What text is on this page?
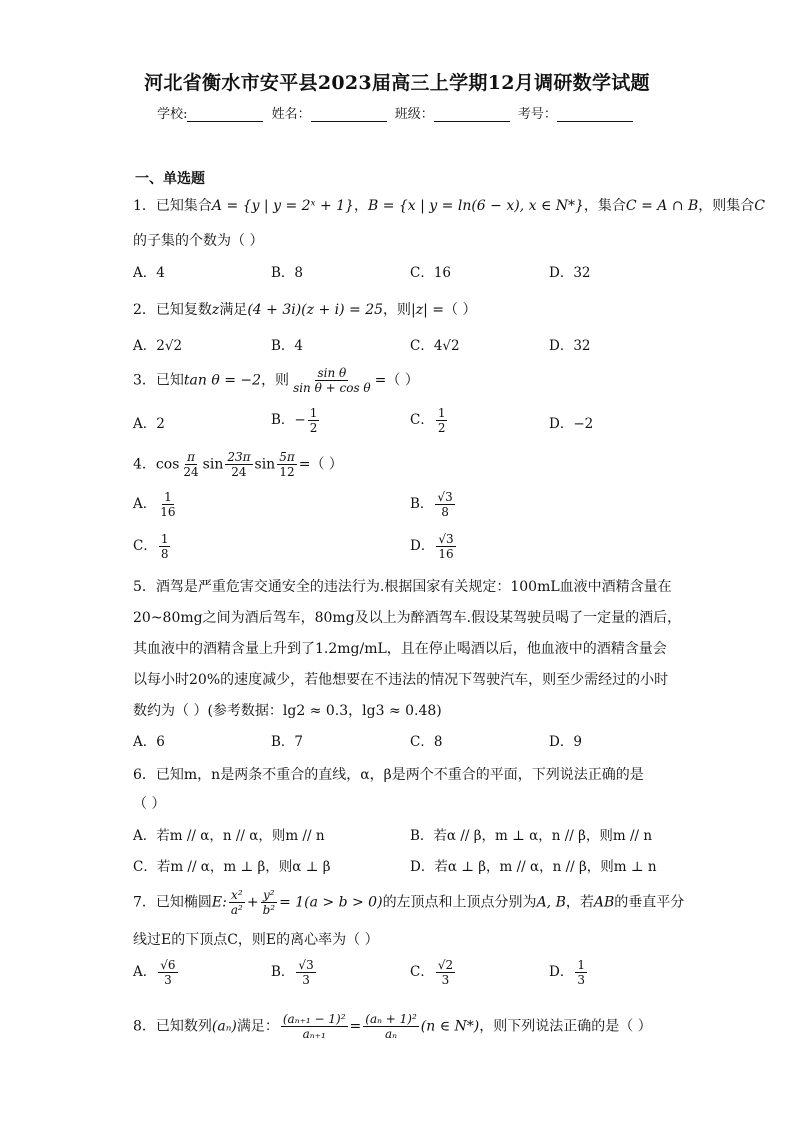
河北省衡水市安平县2023届高三上学期12月调研数学试题
学校:	姓名：	班级：	考号：
一、单选题
1．已知集合A = {y | y = 2ˣ + 1}，B = {x | y = ln(6 − x), x ∈ N*}，集合C = A ∩ B，则集合C
的子集的个数为（ ）
A．4	B．8	C．16	D．32
2．已知复数z满足(4 + 3i)(z + i) = 25，则|z| =（ ）
A．2√2	B．4	C．4√2	D．32
3．已知tan θ = −2，则 $\frac{\text{sin θ}}{\text{sin θ + cos θ}}$ =（ ）
A．2	B．− $\frac{1}{2}$	C． $\frac{1}{2}$	D．−2
4．$\cos \frac{\pi}{24}$ $\sin \frac{23\pi}{24}$ $\sin \frac{5\pi}{12}$ =（ ）
A． $\frac{1}{16}$	B． $\frac{√3}{8}$
C． $\frac{1}{8}$	D． $\frac{√3}{16}$
5．酒驾是严重危害交通安全的违法行为.根据国家有关规定：100mL血液中酒精含量在
20~80mg之间为酒后驾车，80mg及以上为醉酒驾车.假设某驾驶员喝了一定量的酒后，
其血液中的酒精含量上升到了1.2mg/mL，且在停止喝酒以后，他血液中的酒精含量会
以每小时20%的速度减少，若他想要在不违法的情况下驾驶汽车，则至少需经过的小时
数约为（ ）(参考数据：lg2 ≈ 0.3，lg3 ≈ 0.48)
A．6	B．7	C．8	D．9
6．已知m，n是两条不重合的直线，α，β是两个不重合的平面，下列说法正确的是
（ ）
A．若m // α，n // α，则m // n	B．若α // β，m ⊥ α，n // β，则m // n
C．若m // α，m ⊥ β，则α ⊥ β	D．若α ⊥ β，m // α，n // β，则m ⊥ n
7．已知椭圆E: $\frac{\text{x²}}{\text{a²}} + \frac{\text{y²}}{\text{b²}} = 1(a > b > 0)$的左顶点和上顶点分别为A, B，若AB的垂直平分
线过E的下顶点C，则E的离心率为（ ）
A． $\frac{√6}{3}$	B． $\frac{√3}{3}$	C． $\frac{√2}{3}$	D． $\frac{1}{3}$
8．已知数列(aₙ)满足： $\frac{\text{(aₙ₊₁ − 1)²}}{\text{aₙ₊₁}} = \frac{\text{(aₙ + 1)²}}{\text{aₙ}} (n$ ∈ N*)，则下列说法正确的是（ ）
